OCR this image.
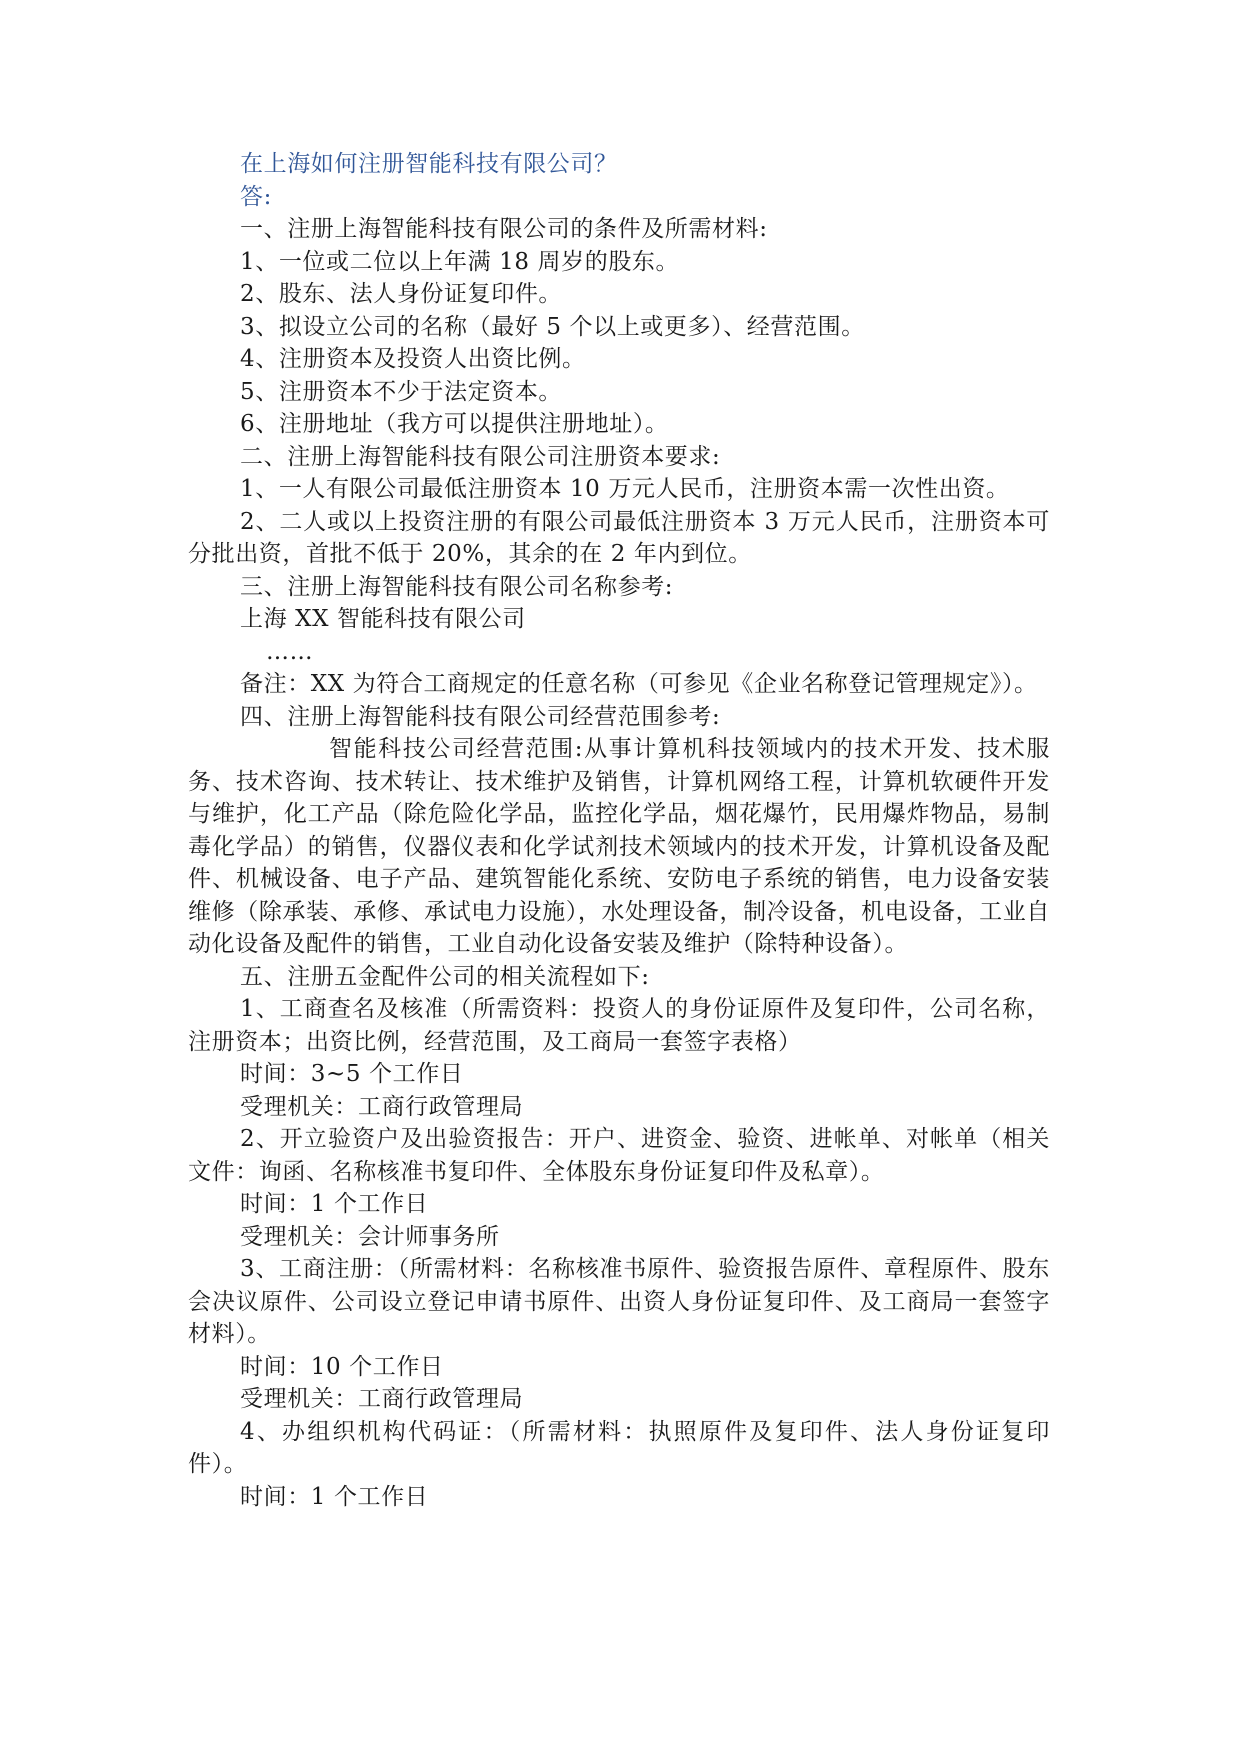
在上海如何注册智能科技有限公司？

答:

一、注册上海智能科技有限公司的条件及所需材料:

1、一位或二位以上年满 18 周岁的股东。

2、股东、法人身份证复印件。

3、拟设立公司的名称（最好 5 个以上或更多）、经营范围。

4、注册资本及投资人出资比例。

5、注册资本不少于法定资本。

6、注册地址（我方可以提供注册地址）。

二、注册上海智能科技有限公司注册资本要求:

1、一人有限公司最低注册资本 10 万元人民币，注册资本需一次性出资。

2、二人或以上投资注册的有限公司最低注册资本 3 万元人民币，注册资本可分批出资，首批不低于 20%，其余的在 2 年内到位。

三、注册上海智能科技有限公司名称参考:

上海 XX 智能科技有限公司

……

备注：XX 为符合工商规定的任意名称（可参见《企业名称登记管理规定》）。

四、注册上海智能科技有限公司经营范围参考:

智能科技公司经营范围:从事计算机科技领域内的技术开发、技术服务、技术咨询、技术转让、技术维护及销售，计算机网络工程，计算机软硬件开发与维护，化工产品（除危险化学品，监控化学品，烟花爆竹，民用爆炸物品，易制毒化学品）的销售，仪器仪表和化学试剂技术领域内的技术开发，计算机设备及配件、机械设备、电子产品、建筑智能化系统、安防电子系统的销售，电力设备安装维修（除承装、承修、承试电力设施），水处理设备，制冷设备，机电设备，工业自动化设备及配件的销售，工业自动化设备安装及维护（除特种设备）。

五、注册五金配件公司的相关流程如下:

1、工商查名及核准（所需资料：投资人的身份证原件及复印件，公司名称，注册资本；出资比例，经营范围，及工商局一套签字表格）

时间：3~5 个工作日

受理机关：工商行政管理局

2、开立验资户及出验资报告：开户、进资金、验资、进帐单、对帐单（相关文件：询函、名称核准书复印件、全体股东身份证复印件及私章）。

时间：1 个工作日

受理机关：会计师事务所

3、工商注册：（所需材料：名称核准书原件、验资报告原件、章程原件、股东会决议原件、公司设立登记申请书原件、出资人身份证复印件、及工商局一套签字材料）。

时间：10 个工作日

受理机关：工商行政管理局

4、办组织机构代码证：（所需材料：执照原件及复印件、法人身份证复印件）。

时间：1 个工作日
